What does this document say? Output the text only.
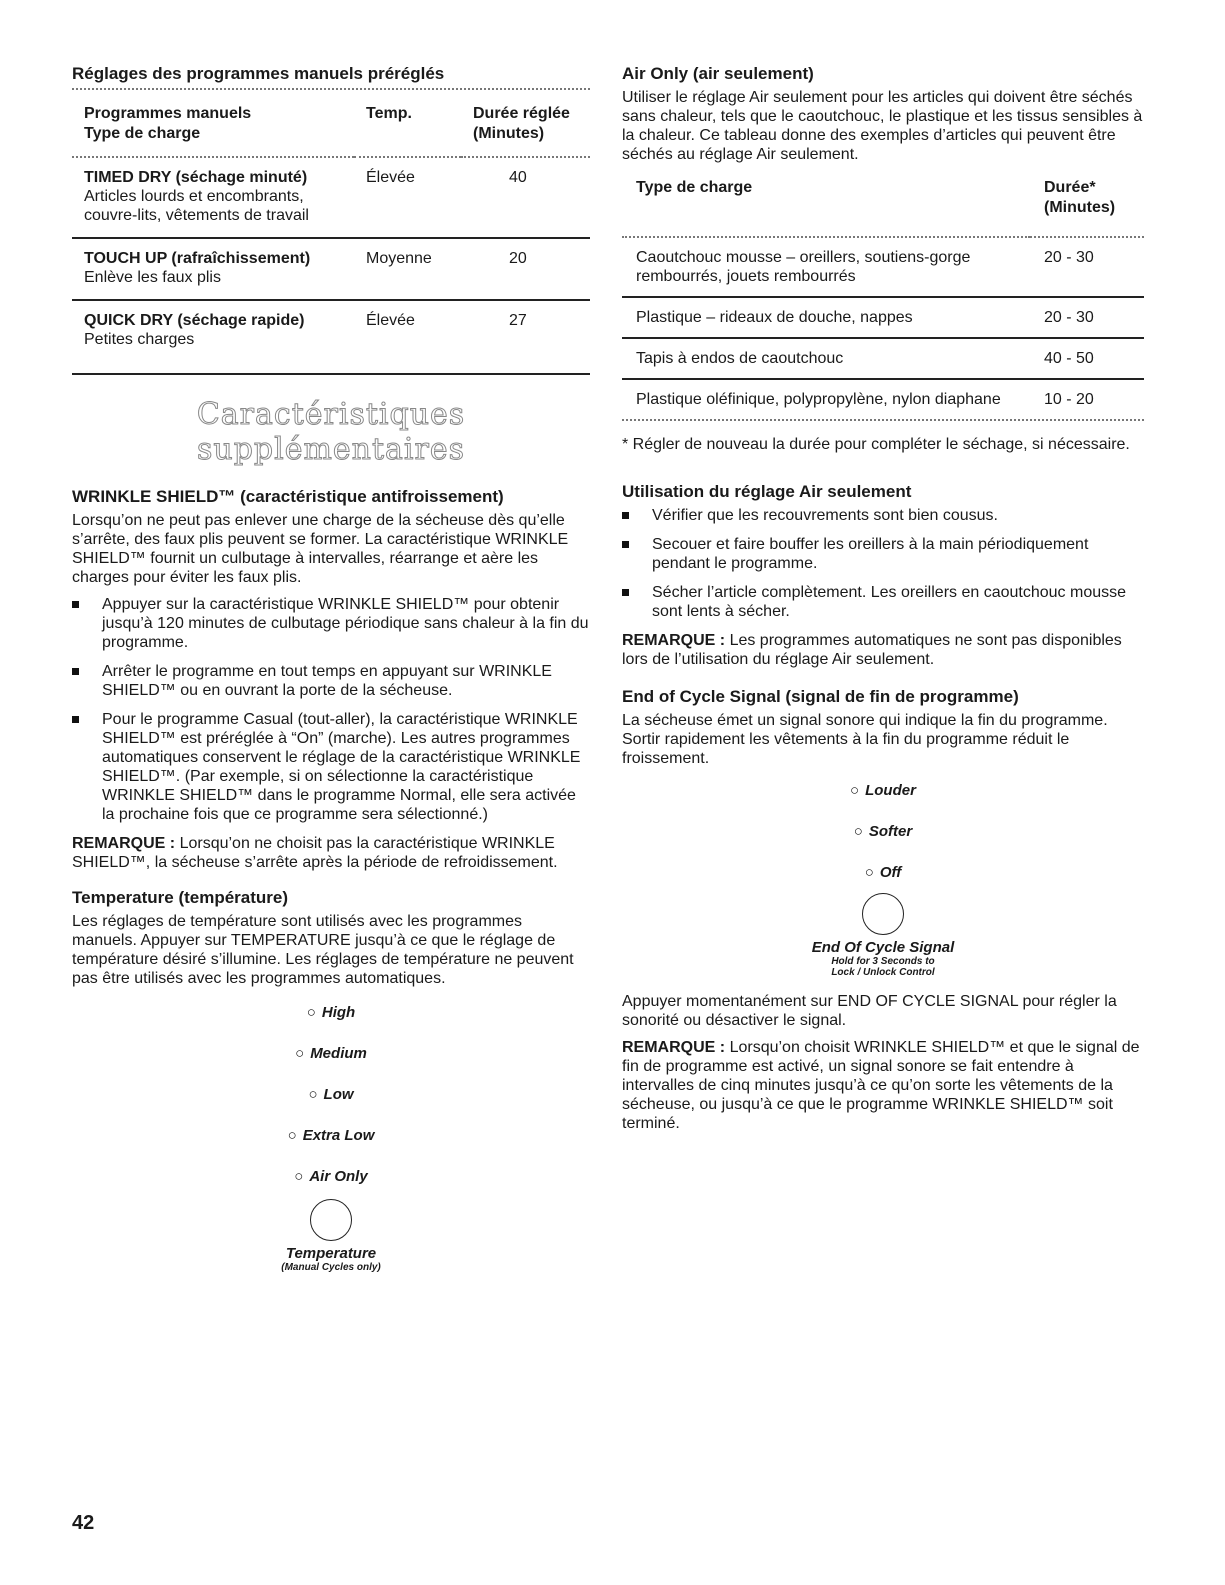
Réglages des programmes manuels préréglés
Programmes manuels
Type de charge	Temp.	Durée réglée
(Minutes)

TIMED DRY (séchage minuté)
Articles lourds et encombrants, couvre-lits, vêtements de travail	Élevée	40

TOUCH UP (rafraîchissement)
Enlève les faux plis	Moyenne	20

QUICK DRY (séchage rapide)
Petites charges	Élevée	27
Caractéristiques supplémentaires
WRINKLE SHIELD™ (caractéristique antifroissement)

Lorsqu’on ne peut pas enlever une charge de la sécheuse dès qu’elle s’arrête, des faux plis peuvent se former. La caractéristique WRINKLE SHIELD™ fournit un culbutage à intervalles, réarrange et aère les charges pour éviter les faux plis.

Appuyer sur la caractéristique WRINKLE SHIELD™ pour obtenir jusqu’à 120 minutes de culbutage périodique sans chaleur à la fin du programme.
Arrêter le programme en tout temps en appuyant sur WRINKLE SHIELD™ ou en ouvrant la porte de la sécheuse.
Pour le programme Casual (tout-aller), la caractéristique WRINKLE SHIELD™ est préréglée à “On” (marche). Les autres programmes automatiques conservent le réglage de la caractéristique WRINKLE SHIELD™. (Par exemple, si on sélectionne la caractéristique WRINKLE SHIELD™ dans le programme Normal, elle sera activée la prochaine fois que ce programme sera sélectionné.)

REMARQUE : Lorsqu’on ne choisit pas la caractéristique WRINKLE SHIELD™, la sécheuse s’arrête après la période de refroidissement.

Temperature (température)

Les réglages de température sont utilisés avec les programmes manuels. Appuyer sur TEMPERATURE jusqu’à ce que le réglage de température désiré s’illumine. Les réglages de température ne peuvent pas être utilisés avec les programmes automatiques.

○ High
○ Medium
○ Low
○ Extra Low
○ Air Only
Temperature
(Manual Cycles only)
Air Only (air seulement)

Utiliser le réglage Air seulement pour les articles qui doivent être séchés sans chaleur, tels que le caoutchouc, le plastique et les tissus sensibles à la chaleur. Ce tableau donne des exemples d’articles qui peuvent être séchés au réglage Air seulement.

Type de charge	Durée*
(Minutes)
Caoutchouc mousse – oreillers, soutiens-gorge rembourrés, jouets rembourrés	20 - 30
Plastique – rideaux de douche, nappes	20 - 30
Tapis à endos de caoutchouc	40 - 50
Plastique oléfinique, polypropylène, nylon diaphane	10 - 20
* Régler de nouveau la durée pour compléter le séchage, si nécessaire.
Utilisation du réglage Air seulement
Vérifier que les recouvrements sont bien cousus.
Secouer et faire bouffer les oreillers à la main périodiquement pendant le programme.
Sécher l’article complètement. Les oreillers en caoutchouc mousse sont lents à sécher.

REMARQUE : Les programmes automatiques ne sont pas disponibles lors de l’utilisation du réglage Air seulement.

End of Cycle Signal (signal de fin de programme)

La sécheuse émet un signal sonore qui indique la fin du programme. Sortir rapidement les vêtements à la fin du programme réduit le froissement.

○ Louder
○ Softer
○ Off
End Of Cycle Signal
Hold for 3 Seconds to
Lock / Unlock Control

Appuyer momentanément sur END OF CYCLE SIGNAL pour régler la sonorité ou désactiver le signal.

REMARQUE : Lorsqu’on choisit WRINKLE SHIELD™ et que le signal de fin de programme est activé, un signal sonore se fait entendre à intervalles de cinq minutes jusqu’à ce qu’on sorte les vêtements de la sécheuse, ou jusqu’à ce que le programme WRINKLE SHIELD™ soit terminé.

42
